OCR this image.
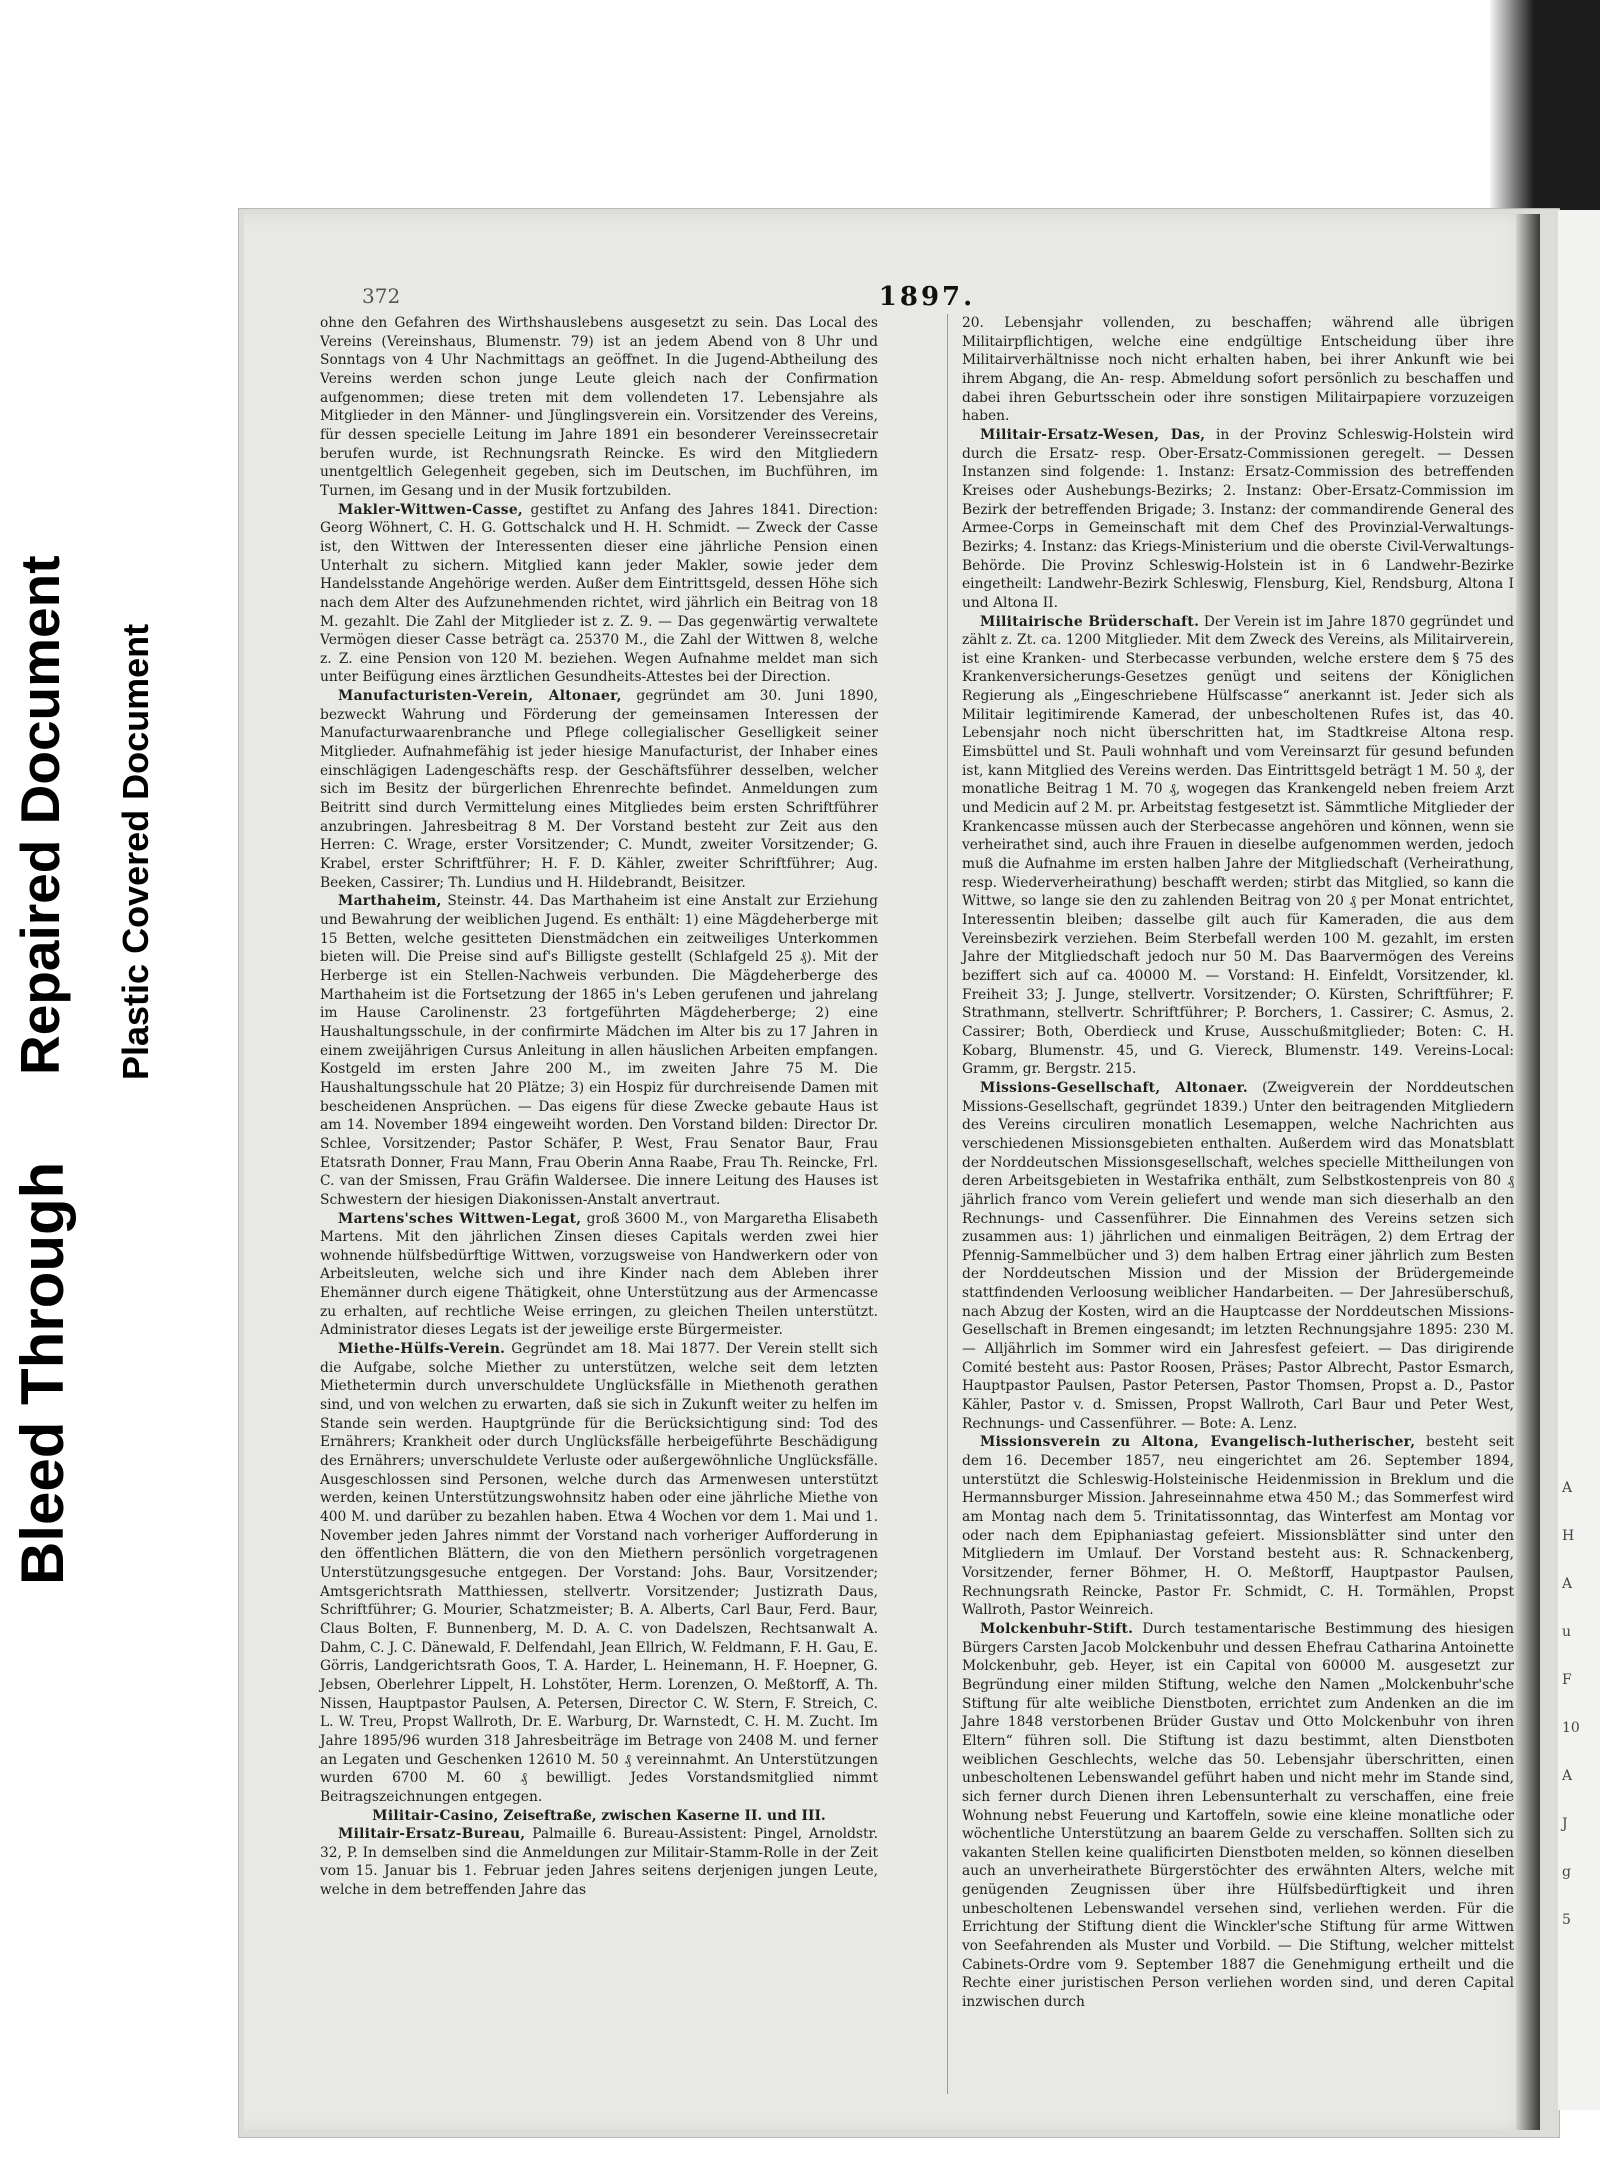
Bleed Through
Repaired Document Plastic Covered Document
372	1897.

ohne den Gefahren des Wirthshauslebens ausgesetzt zu sein. Das Local des Vereins (Vereinshaus, Blumenstr. 79) ist an jedem Abend von 8 Uhr und Sonntags von 4 Uhr Nachmittags an geöffnet. In die Jugend-Abtheilung des Vereins werden schon junge Leute gleich nach der Confirmation aufgenommen; diese treten mit dem vollendeten 17. Lebensjahre als Mitglieder in den Männer- und Jünglingsverein ein. Vorsitzender des Vereins, für dessen specielle Leitung im Jahre 1891 ein besonderer Vereinssecretair berufen wurde, ist Rechnungsrath Reincke. Es wird den Mitgliedern unentgeltlich Gelegenheit gegeben, sich im Deutschen, im Buchführen, im Turnen, im Gesang und in der Musik fortzubilden.

Makler-Wittwen-Casse, gestiftet zu Anfang des Jahres 1841. Direction: Georg Wöhnert, C. H. G. Gottschalck und H. H. Schmidt. — Zweck der Casse ist, den Wittwen der Interessenten dieser eine jährliche Pension einen Unterhalt zu sichern. Mitglied kann jeder Makler, sowie jeder dem Handelsstande Angehörige werden. Außer dem Eintrittsgeld, dessen Höhe sich nach dem Alter des Aufzunehmenden richtet, wird jährlich ein Beitrag von 18 M. gezahlt. Die Zahl der Mitglieder ist z. Z. 9. — Das gegenwärtig verwaltete Vermögen dieser Casse beträgt ca. 25370 M., die Zahl der Wittwen 8, welche z. Z. eine Pension von 120 M. beziehen. Wegen Aufnahme meldet man sich unter Beifügung eines ärztlichen Gesundheits-Attestes bei der Direction.

Manufacturisten-Verein, Altonaer, gegründet am 30. Juni 1890, bezweckt Wahrung und Förderung der gemeinsamen Interessen der Manufacturwaarenbranche und Pflege collegialischer Geselligkeit seiner Mitglieder. Aufnahmefähig ist jeder hiesige Manufacturist, der Inhaber eines einschlägigen Ladengeschäfts resp. der Geschäftsführer desselben, welcher sich im Besitz der bürgerlichen Ehrenrechte befindet. Anmeldungen zum Beitritt sind durch Vermittelung eines Mitgliedes beim ersten Schriftführer anzubringen. Jahresbeitrag 8 M. Der Vorstand besteht zur Zeit aus den Herren: C. Wrage, erster Vorsitzender; C. Mundt, zweiter Vorsitzender; G. Krabel, erster Schriftführer; H. F. D. Kähler, zweiter Schriftführer; Aug. Beeken, Cassirer; Th. Lundius und H. Hildebrandt, Beisitzer.

Marthaheim, Steinstr. 44. Das Marthaheim ist eine Anstalt zur Erziehung und Bewahrung der weiblichen Jugend. Es enthält: 1) eine Mägdeherberge mit 15 Betten, welche gesitteten Dienstmädchen ein zeitweiliges Unterkommen bieten will. Die Preise sind auf's Billigste gestellt (Schlafgeld 25 ₰). Mit der Herberge ist ein Stellen-Nachweis verbunden. Die Mägdeherberge des Marthaheim ist die Fortsetzung der 1865 in's Leben gerufenen und jahrelang im Hause Carolinenstr. 23 fortgeführten Mägdeherberge; 2) eine Haushaltungsschule, in der confirmirte Mädchen im Alter bis zu 17 Jahren in einem zweijährigen Cursus Anleitung in allen häuslichen Arbeiten empfangen. Kostgeld im ersten Jahre 200 M., im zweiten Jahre 75 M. Die Haushaltungsschule hat 20 Plätze; 3) ein Hospiz für durchreisende Damen mit bescheidenen Ansprüchen. — Das eigens für diese Zwecke gebaute Haus ist am 14. November 1894 eingeweiht worden. Den Vorstand bilden: Director Dr. Schlee, Vorsitzender; Pastor Schäfer, P. West, Frau Senator Baur, Frau Etatsrath Donner, Frau Mann, Frau Oberin Anna Raabe, Frau Th. Reincke, Frl. C. van der Smissen, Frau Gräfin Waldersee. Die innere Leitung des Hauses ist Schwestern der hiesigen Diakonissen-Anstalt anvertraut.

Martens'sches Wittwen-Legat, groß 3600 M., von Margaretha Elisabeth Martens. Mit den jährlichen Zinsen dieses Capitals werden zwei hier wohnende hülfsbedürftige Wittwen, vorzugsweise von Handwerkern oder von Arbeitsleuten, welche sich und ihre Kinder nach dem Ableben ihrer Ehemänner durch eigene Thätigkeit, ohne Unterstützung aus der Armencasse zu erhalten, auf rechtliche Weise erringen, zu gleichen Theilen unterstützt. Administrator dieses Legats ist der jeweilige erste Bürgermeister.

Miethe-Hülfs-Verein. Gegründet am 18. Mai 1877. Der Verein stellt sich die Aufgabe, solche Miether zu unterstützen, welche seit dem letzten Miethetermin durch unverschuldete Unglücksfälle in Miethenoth gerathen sind, und von welchen zu erwarten, daß sie sich in Zukunft weiter zu helfen im Stande sein werden. Hauptgründe für die Berücksichtigung sind: Tod des Ernährers; Krankheit oder durch Unglücksfälle herbeigeführte Beschädigung des Ernährers; unverschuldete Verluste oder außergewöhnliche Unglücksfälle. Ausgeschlossen sind Personen, welche durch das Armenwesen unterstützt werden, keinen Unterstützungswohnsitz haben oder eine jährliche Miethe von 400 M. und darüber zu bezahlen haben. Etwa 4 Wochen vor dem 1. Mai und 1. November jeden Jahres nimmt der Vorstand nach vorheriger Aufforderung in den öffentlichen Blättern, die von den Miethern persönlich vorgetragenen Unterstützungsgesuche entgegen. Der Vorstand: Johs. Baur, Vorsitzender; Amtsgerichtsrath Matthiessen, stellvertr. Vorsitzender; Justizrath Daus, Schriftführer; G. Mourier, Schatzmeister; B. A. Alberts, Carl Baur, Ferd. Baur, Claus Bolten, F. Bunnenberg, M. D. A. C. von Dadelszen, Rechtsanwalt A. Dahm, C. J. C. Dänewald, F. Delfendahl, Jean Ellrich, W. Feldmann, F. H. Gau, E. Görris, Landgerichtsrath Goos, T. A. Harder, L. Heinemann, H. F. Hoepner, G. Jebsen, Oberlehrer Lippelt, H. Lohstöter, Herm. Lorenzen, O. Meßtorff, A. Th. Nissen, Hauptpastor Paulsen, A. Petersen, Director C. W. Stern, F. Streich, C. L. W. Treu, Propst Wallroth, Dr. E. Warburg, Dr. Warnstedt, C. H. M. Zucht. Im Jahre 1895/96 wurden 318 Jahresbeiträge im Betrage von 2408 M. und ferner an Legaten und Geschenken 12610 M. 50 ₰ vereinnahmt. An Unterstützungen wurden 6700 M. 60 ₰ bewilligt. Jedes Vorstandsmitglied nimmt Beitragszeichnungen entgegen.

Militair-Casino, Zeiseftraße, zwischen Kaserne II. und III.

Militair-Ersatz-Bureau, Palmaille 6. Bureau-Assistent: Pingel, Arnoldstr. 32, P. In demselben sind die Anmeldungen zur Militair-Stamm-Rolle in der Zeit vom 15. Januar bis 1. Februar jeden Jahres seitens derjenigen jungen Leute, welche in dem betreffenden Jahre das

20. Lebensjahr vollenden, zu beschaffen; während alle übrigen Militairpflichtigen, welche eine endgültige Entscheidung über ihre Militairverhältnisse noch nicht erhalten haben, bei ihrer Ankunft wie bei ihrem Abgang, die An- resp. Abmeldung sofort persönlich zu beschaffen und dabei ihren Geburtsschein oder ihre sonstigen Militairpapiere vorzuzeigen haben.

Militair-Ersatz-Wesen, Das, in der Provinz Schleswig-Holstein wird durch die Ersatz- resp. Ober-Ersatz-Commissionen geregelt. — Dessen Instanzen sind folgende: 1. Instanz: Ersatz-Commission des betreffenden Kreises oder Aushebungs-Bezirks; 2. Instanz: Ober-Ersatz-Commission im Bezirk der betreffenden Brigade; 3. Instanz: der commandirende General des Armee-Corps in Gemeinschaft mit dem Chef des Provinzial-Verwaltungs-Bezirks; 4. Instanz: das Kriegs-Ministerium und die oberste Civil-Verwaltungs-Behörde. Die Provinz Schleswig-Holstein ist in 6 Landwehr-Bezirke eingetheilt: Landwehr-Bezirk Schleswig, Flensburg, Kiel, Rendsburg, Altona I und Altona II.

Militairische Brüderschaft. Der Verein ist im Jahre 1870 gegründet und zählt z. Zt. ca. 1200 Mitglieder. Mit dem Zweck des Vereins, als Militairverein, ist eine Kranken- und Sterbecasse verbunden, welche erstere dem § 75 des Krankenversicherungs-Gesetzes genügt und seitens der Königlichen Regierung als „Eingeschriebene Hülfscasse“ anerkannt ist. Jeder sich als Militair legitimirende Kamerad, der unbescholtenen Rufes ist, das 40. Lebensjahr noch nicht überschritten hat, im Stadtkreise Altona resp. Eimsbüttel und St. Pauli wohnhaft und vom Vereinsarzt für gesund befunden ist, kann Mitglied des Vereins werden. Das Eintrittsgeld beträgt 1 M. 50 ₰, der monatliche Beitrag 1 M. 70 ₰, wogegen das Krankengeld neben freiem Arzt und Medicin auf 2 M. pr. Arbeitstag festgesetzt ist. Sämmtliche Mitglieder der Krankencasse müssen auch der Sterbecasse angehören und können, wenn sie verheirathet sind, auch ihre Frauen in dieselbe aufgenommen werden, jedoch muß die Aufnahme im ersten halben Jahre der Mitgliedschaft (Verheirathung, resp. Wiederverheirathung) beschafft werden; stirbt das Mitglied, so kann die Wittwe, so lange sie den zu zahlenden Beitrag von 20 ₰ per Monat entrichtet, Interessentin bleiben; dasselbe gilt auch für Kameraden, die aus dem Vereinsbezirk verziehen. Beim Sterbefall werden 100 M. gezahlt, im ersten Jahre der Mitgliedschaft jedoch nur 50 M. Das Baarvermögen des Vereins beziffert sich auf ca. 40000 M. — Vorstand: H. Einfeldt, Vorsitzender, kl. Freiheit 33; J. Junge, stellvertr. Vorsitzender; O. Kürsten, Schriftführer; F. Strathmann, stellvertr. Schriftführer; P. Borchers, 1. Cassirer; C. Asmus, 2. Cassirer; Both, Oberdieck und Kruse, Ausschußmitglieder; Boten: C. H. Kobarg, Blumenstr. 45, und G. Viereck, Blumenstr. 149. Vereins-Local: Gramm, gr. Bergstr. 215.

Missions-Gesellschaft, Altonaer. (Zweigverein der Norddeutschen Missions-Gesellschaft, gegründet 1839.) Unter den beitragenden Mitgliedern des Vereins circuliren monatlich Lesemappen, welche Nachrichten aus verschiedenen Missionsgebieten enthalten. Außerdem wird das Monatsblatt der Norddeutschen Missionsgesellschaft, welches specielle Mittheilungen von deren Arbeitsgebieten in Westafrika enthält, zum Selbstkostenpreis von 80 ₰ jährlich franco vom Verein geliefert und wende man sich dieserhalb an den Rechnungs- und Cassenführer. Die Einnahmen des Vereins setzen sich zusammen aus: 1) jährlichen und einmaligen Beiträgen, 2) dem Ertrag der Pfennig-Sammelbücher und 3) dem halben Ertrag einer jährlich zum Besten der Norddeutschen Mission und der Mission der Brüdergemeinde stattfindenden Verloosung weiblicher Handarbeiten. — Der Jahresüberschuß, nach Abzug der Kosten, wird an die Hauptcasse der Norddeutschen Missions-Gesellschaft in Bremen eingesandt; im letzten Rechnungsjahre 1895: 230 M. — Alljährlich im Sommer wird ein Jahresfest gefeiert. — Das dirigirende Comité besteht aus: Pastor Roosen, Präses; Pastor Albrecht, Pastor Esmarch, Hauptpastor Paulsen, Pastor Petersen, Pastor Thomsen, Propst a. D., Pastor Kähler, Pastor v. d. Smissen, Propst Wallroth, Carl Baur und Peter West, Rechnungs- und Cassenführer. — Bote: A. Lenz.

Missionsverein zu Altona, Evangelisch-lutherischer, besteht seit dem 16. December 1857, neu eingerichtet am 26. September 1894, unterstützt die Schleswig-Holsteinische Heidenmission in Breklum und die Hermannsburger Mission. Jahreseinnahme etwa 450 M.; das Sommerfest wird am Montag nach dem 5. Trinitatissonntag, das Winterfest am Montag vor oder nach dem Epiphaniastag gefeiert. Missionsblätter sind unter den Mitgliedern im Umlauf. Der Vorstand besteht aus: R. Schnackenberg, Vorsitzender, ferner Böhmer, H. O. Meßtorff, Hauptpastor Paulsen, Rechnungsrath Reincke, Pastor Fr. Schmidt, C. H. Tormählen, Propst Wallroth, Pastor Weinreich.

Molckenbuhr-Stift. Durch testamentarische Bestimmung des hiesigen Bürgers Carsten Jacob Molckenbuhr und dessen Ehefrau Catharina Antoinette Molckenbuhr, geb. Heyer, ist ein Capital von 60000 M. ausgesetzt zur Begründung einer milden Stiftung, welche den Namen „Molckenbuhr'sche Stiftung für alte weibliche Dienstboten, errichtet zum Andenken an die im Jahre 1848 verstorbenen Brüder Gustav und Otto Molckenbuhr von ihren Eltern“ führen soll. Die Stiftung ist dazu bestimmt, alten Dienstboten weiblichen Geschlechts, welche das 50. Lebensjahr überschritten, einen unbescholtenen Lebenswandel geführt haben und nicht mehr im Stande sind, sich ferner durch Dienen ihren Lebensunterhalt zu verschaffen, eine freie Wohnung nebst Feuerung und Kartoffeln, sowie eine kleine monatliche oder wöchentliche Unterstützung an baarem Gelde zu verschaffen. Sollten sich zu vakanten Stellen keine qualificirten Dienstboten melden, so können dieselben auch an unverheirathete Bürgerstöchter des erwähnten Alters, welche mit genügenden Zeugnissen über ihre Hülfsbedürftigkeit und ihren unbescholtenen Lebenswandel versehen sind, verliehen werden. Für die Errichtung der Stiftung dient die Winckler'sche Stiftung für arme Wittwen von Seefahrenden als Muster und Vorbild. — Die Stiftung, welcher mittelst Cabinets-Ordre vom 9. September 1887 die Genehmigung ertheilt und die Rechte einer juristischen Person verliehen worden sind, und deren Capital inzwischen durch

A
H
A
u
F
10
A
J
g
5
